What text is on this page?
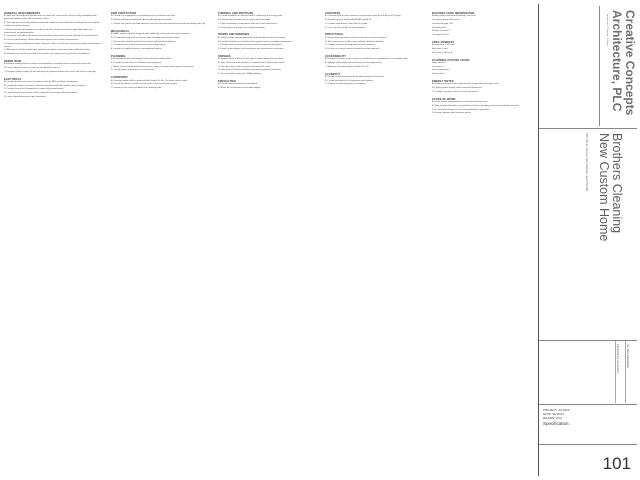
GENERAL REQUIREMENTS
A. Work and Drawings and Specifications are issued for construction, and to be fully coordinated with governing building codes and standards in effect.
B. The contractor shall verify all dimensions and conditions in the field before starting work and notify the architect of any discrepancy.
C. All work shall be performed in accordance with the contract documents, applicable codes and manufacturer recommendations.
D. Contractor shall obtain all permits and inspections required for the work and pay all associated fees.
E. Do not scale drawings. Written dimensions govern over scaled measurements.
F. Contractor shall coordinate all trades, maintain a clean and safe site and protect existing construction to remain.
G. All products shall be installed per manufacturer written instructions unless otherwise noted.
H. Substitutions must be submitted to the architect for review prior to purchase or installation.
DEMOLITION
A. Remove existing finishes, fixtures and equipment as indicated and as required for new work.
B. Protect adjacent surfaces, structure and utilities to remain.
C. Dispose of debris legally off site and keep the premises broom clean at the end of each work day.
ELECTRICAL
A. Provide all electrical work in accordance with the NEC and local amendments.
B. Coordinate locations of outlets, switches and fixtures with the architect prior to rough in.
C. Provide circuits for all equipment as required by manufacturer.
D. Lighting fixtures and controls shall comply with the energy code requirements.
E. Label all panel directories upon completion.
FIRE PROTECTION
A. Provide fire extinguishers as required by the fire marshal and code.
B. Maintain all required exits and egress paths during construction.
C. Smoke and carbon monoxide detectors shall be interconnected and hard wired with battery back up.
MECHANICAL
A. HVAC systems shall be designed and installed by a licensed mechanical contractor.
B. Provide balancing of all air systems after installation and submit a report.
C. Exhaust fans shall be ducted to the exterior with backdraft dampers.
D. Coordinate duct routes with structure and ceiling heights.
E. Insulate all supply ductwork in unconditioned spaces.
PLUMBING
A. All plumbing work shall comply with the plumbing code in effect.
B. Provide shut off valves at all fixtures and equipment.
C. Water heater shall be installed with seismic straps and relief valve piping to the exterior.
D. Test all piping systems prior to concealment.
CARPENTRY
A. Framing lumber shall be grade marked Douglas Fir No. 2 or better unless noted.
B. Provide blocking for all wall mounted items, cabinets and accessories.
C. Fasten per the nailing schedule of the building code.
THERMAL AND MOISTURE
A. Provide insulation as indicated and as required by the energy code.
B. Provide vapor retarders on the warm side of insulation.
C. Flash all openings, penetrations and roof to wall intersections.
D. Seal all joints and gaps at the building envelope.
DOORS AND WINDOWS
A. Verify all rough opening dimensions with manufacturer prior to framing.
B. Provide hardware as scheduled and compliant with accessibility requirements.
C. Glazing within hazardous locations shall be tempered safety glass.
D. Install all units plumb, level and square per manufacturer instructions.
FINISHES
A. Gypsum board shall be 5/8 inch type X where required for fire rating.
B. Tape, finish and sand all joints to a smooth level 4 finish unless noted.
C. Paint all surfaces with one primer and two finish coats.
D. Floor finishes shall be installed over properly prepared substrates.
E. Tile work shall comply with TCNA guidelines.
SPECIALTIES
A. Provide toilet accessories as scheduled.
B. Mount all accessories at accessible heights.
CONCRETE
A. Concrete shall achieve a minimum compressive strength of 3000 psi at 28 days.
B. Reinforcing steel shall be ASTM A615 grade 60.
C. Provide vapor barrier under slabs on grade.
D. Cure concrete per ACI recommendations.
STRUCTURAL
A. Structural design values shall be verified by a licensed engineer.
B. Steel connections shall be shop welded or bolted as detailed.
C. Provide temporary shoring and bracing as required.
D. Do not cut or notch structural members without approval.
ACCESSIBILITY
A. Provide accessible routes, clearances and fixtures as required by the accessibility code.
B. Signage shall comply with tactile and contrast requirements.
C. Maximum threshold heights shall be 1/2 inch.
CLOSEOUT
A. Provide record drawings and operation manuals to the owner.
B. Provide warranties for all equipment and systems.
C. Perform final cleaning prior to occupancy.
BUILDING CODE INFORMATION
Building code: International Building Code 2015
Occupancy group: B Business
Construction type: V-B
Sprinklered: No
Number of stories: 1
Occupant load: 40
AREA SUMMARY
Existing area: 1,650 sq ft
New area: 0 sq ft
Total area: 1,650 sq ft
PLUMBING FIXTURE COUNT
Water closets: 2
Lavatories: 2
Drinking fountain: 1
Service sink: 1
ENERGY NOTES
A. Building envelope shall comply with the energy code prescriptive path.
B. Lighting power density shall not exceed allowances.
C. Provide occupancy sensors in enclosed spaces.
SCOPE OF WORK
A. Interior tenant improvement for a new dry cleaning center.
B. Work includes demolition, new partitions, finishes, plumbing, mechanical and electrical work.
C. No structural changes to the existing building are proposed.
D. Exterior signage under separate permit.	Creative Concepts
Architecture, PLC
Architecture · Planning · Interiors
Brothers Cleaning
New Custom Home
815 SE 11 Street | Des Moines, Iowa 50309
No. Date Description
1 11/15/21 For Construction
PROJECT: 21-0015
DATE: 11/15/21
DRAWN: CCA
Specification.
101
